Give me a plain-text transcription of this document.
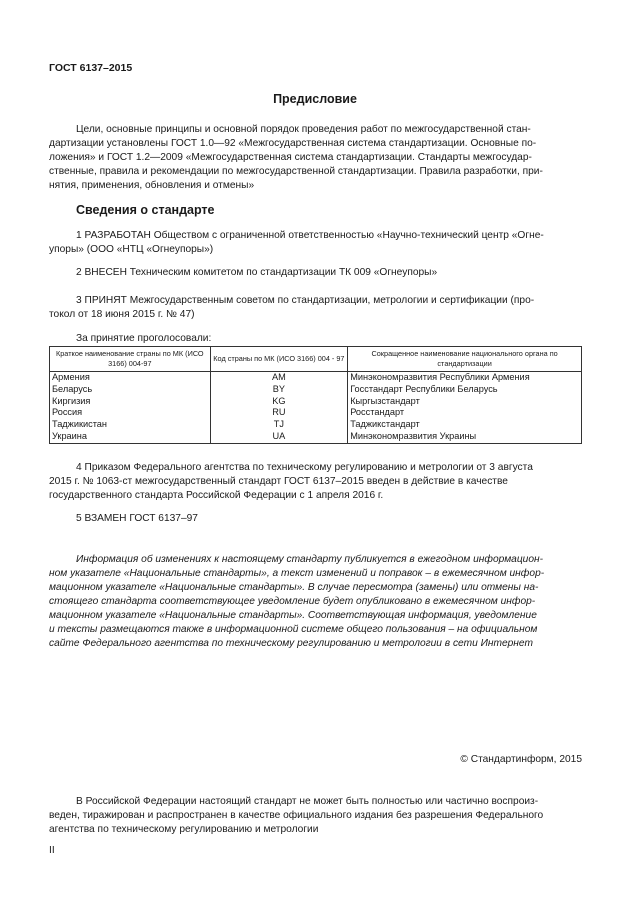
ГОСТ 6137–2015
Предисловие
Цели, основные принципы и основной порядок проведения работ по межгосударственной стан-
дартизации установлены ГОСТ 1.0—92 «Межгосударственная система стандартизации. Основные по-
ложения» и ГОСТ 1.2—2009 «Межгосударственная система стандартизации. Стандарты межгосудар-
ственные, правила и рекомендации по межгосударственной стандартизации. Правила разработки, при-
нятия, применения, обновления и отмены»
Сведения о стандарте
1 РАЗРАБОТАН Обществом с ограниченной ответственностью «Научно-технический центр «Огне-
упоры» (ООО «НТЦ «Огнеупоры»)
2 ВНЕСЕН Техническим комитетом по стандартизации ТК 009 «Огнеупоры»
3 ПРИНЯТ Межгосударственным советом по стандартизации, метрологии и сертификации (про-
токол от 18 июня 2015 г. № 47)
За принятие проголосовали:
Краткое наименование страны по МК (ИСО 3166) 004-97	Код страны по МК (ИСО 3166) 004 - 97	Сокращенное наименование национального органа по стандартизации
Армения	AM	Минэкономразвития Республики Армения
Беларусь	BY	Госстандарт Республики Беларусь
Киргизия	KG	Кыргызстандарт
Россия	RU	Росстандарт
Таджикистан	TJ	Таджикстандарт
Украина	UA	Минэкономразвития Украины
4 Приказом Федерального агентства по техническому регулированию и метрологии от 3 августа
2015 г. № 1063-ст межгосударственный стандарт ГОСТ 6137–2015 введен в действие в качестве
государственного стандарта Российской Федерации с 1 апреля 2016 г.
5 ВЗАМЕН ГОСТ 6137–97
Информация об изменениях к настоящему стандарту публикуется в ежегодном информацион-
ном указателе «Национальные стандарты», а текст изменений и поправок – в ежемесячном инфор-
мационном указателе «Национальные стандарты». В случае пересмотра (замены) или отмены на-
стоящего стандарта соответствующее уведомление будет опубликовано в ежемесячном инфор-
мационном указателе «Национальные стандарты». Соответствующая информация, уведомление
и тексты размещаются также в информационной системе общего пользования – на официальном
сайте Федерального агентства по техническому регулированию и метрологии в сети Интернет
© Стандартинформ, 2015
В Российской Федерации настоящий стандарт не может быть полностью или частично воспроиз-
веден, тиражирован и распространен в качестве официального издания без разрешения Федерального
агентства по техническому регулированию и метрологии
II
